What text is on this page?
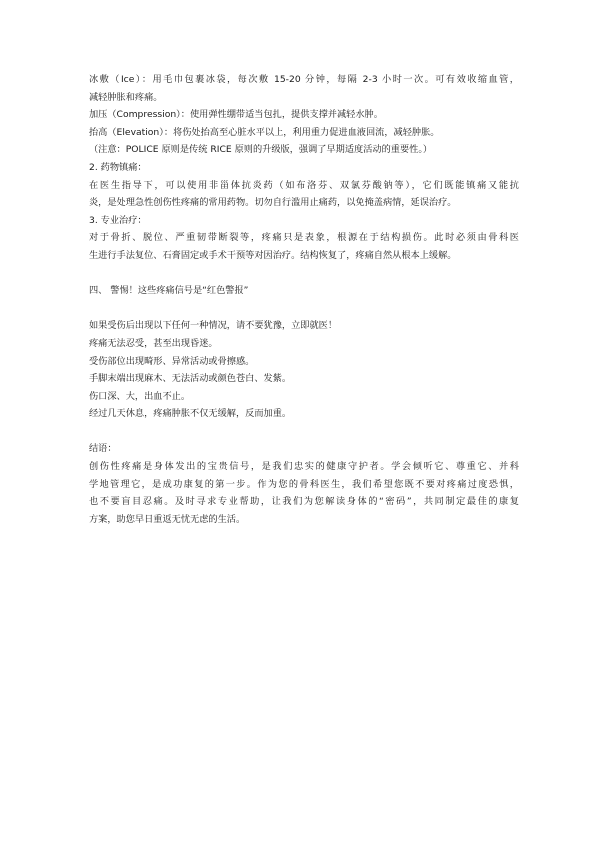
冰敷（Ice）：用毛巾包裹冰袋，每次敷 15-20 分钟，每隔 2-3 小时一次。可有效收缩血管，
减轻肿胀和疼痛。
加压（Compression）：使用弹性绷带适当包扎，提供支撑并减轻水肿。
抬高（Elevation）：将伤处抬高至心脏水平以上，利用重力促进血液回流，减轻肿胀。
（注意：POLICE 原则是传统 RICE 原则的升级版，强调了早期适度活动的重要性。）
2. 药物镇痛：
在医生指导下，可以使用非甾体抗炎药（如布洛芬、双氯芬酸钠等），它们既能镇痛又能抗
炎，是处理急性创伤性疼痛的常用药物。切勿自行滥用止痛药，以免掩盖病情，延误治疗。
3. 专业治疗：
对于骨折、脱位、严重韧带断裂等，疼痛只是表象，根源在于结构损伤。此时必须由骨科医
生进行手法复位、石膏固定或手术干预等对因治疗。结构恢复了，疼痛自然从根本上缓解。
四、 警惕！这些疼痛信号是“红色警报”
如果受伤后出现以下任何一种情况，请不要犹豫，立即就医！
疼痛无法忍受，甚至出现昏迷。
受伤部位出现畸形、异常活动或骨擦感。
手脚末端出现麻木、无法活动或颜色苍白、发紫。
伤口深、大，出血不止。
经过几天休息，疼痛肿胀不仅无缓解，反而加重。
结语：
创伤性疼痛是身体发出的宝贵信号，是我们忠实的健康守护者。学会倾听它、尊重它、并科
学地管理它，是成功康复的第一步。作为您的骨科医生，我们希望您既不要对疼痛过度恐惧，
也不要盲目忍痛。及时寻求专业帮助，让我们为您解读身体的“密码”，共同制定最佳的康复
方案，助您早日重返无忧无虑的生活。
